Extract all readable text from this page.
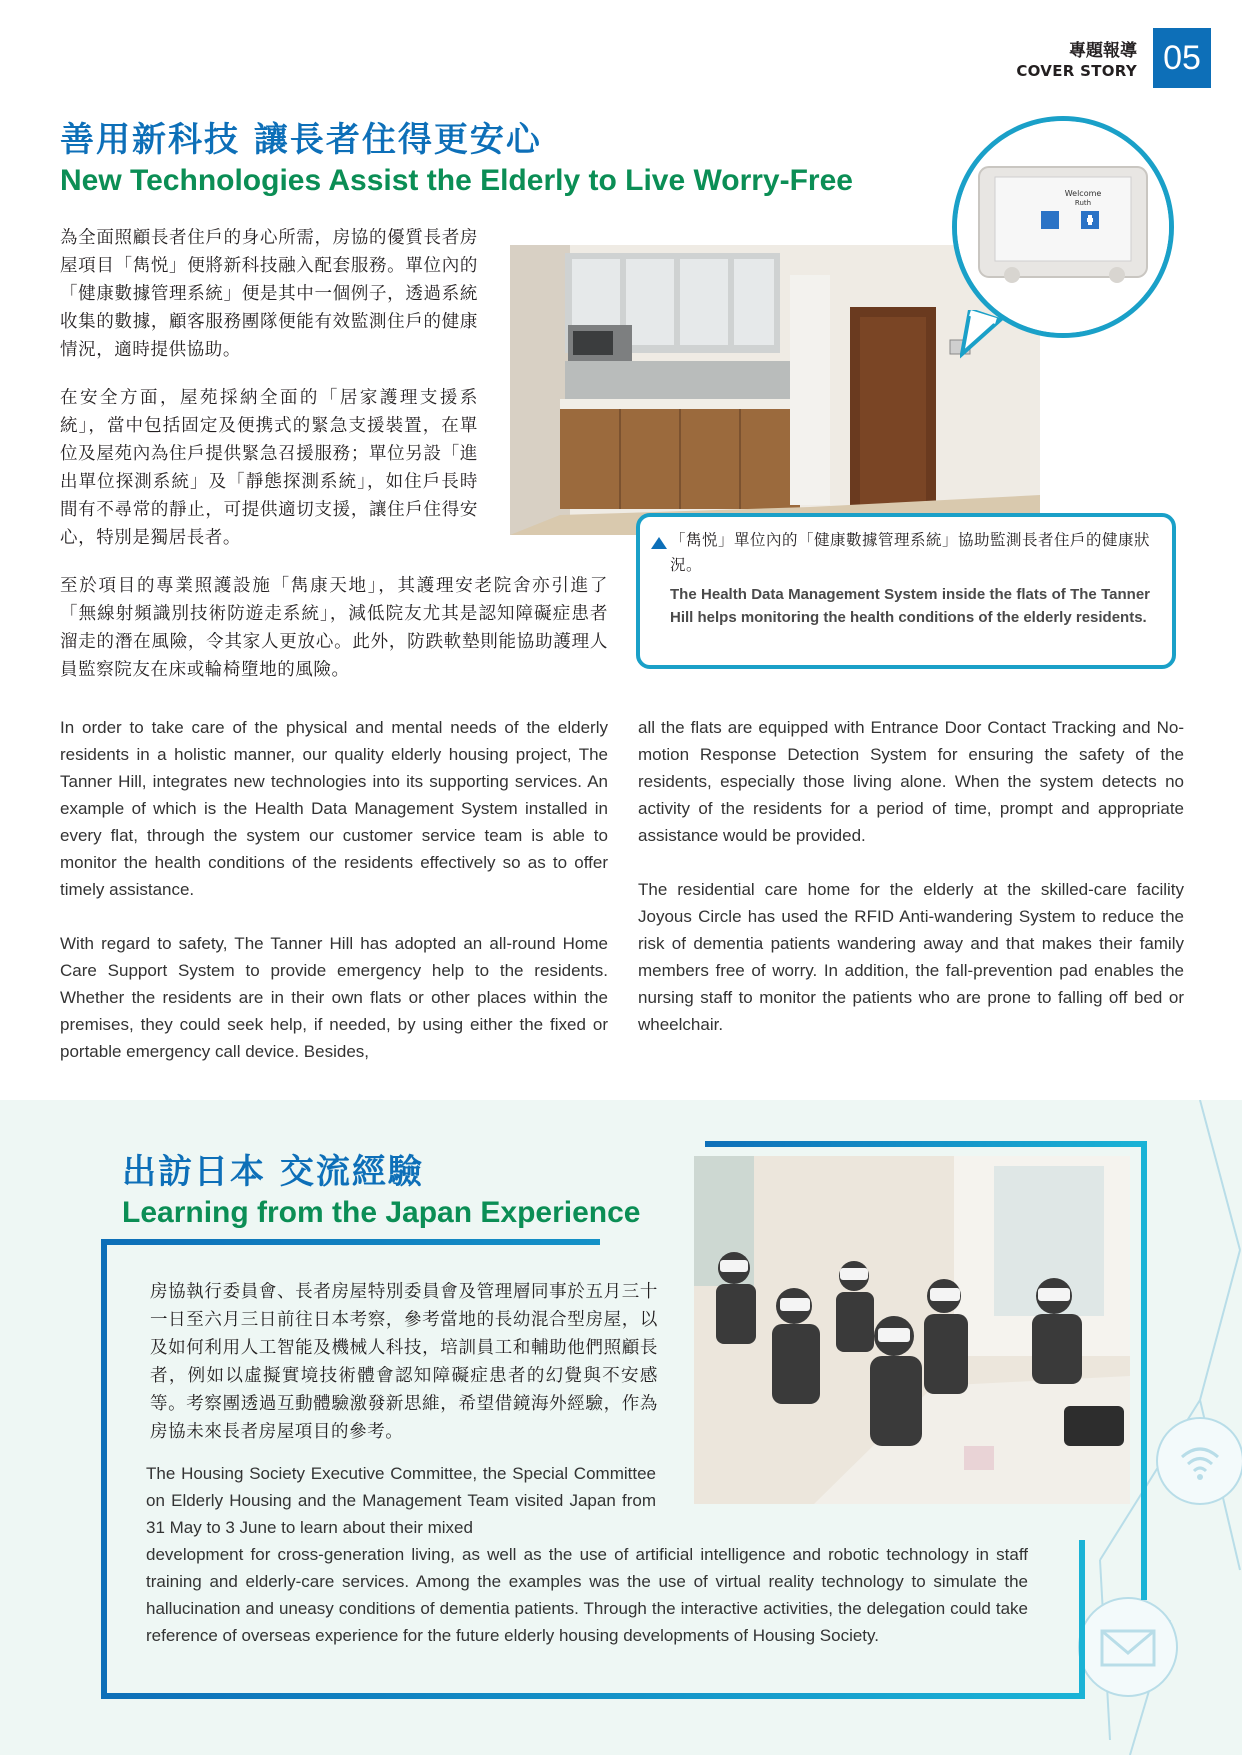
專題報導
COVER STORY 05
善用新科技 讓長者住得更安心
New Technologies Assist the Elderly to Live Worry-Free
為全面照顧長者住戶的身心所需，房協的優質長者房屋項目「雋悦」便將新科技融入配套服務。單位內的「健康數據管理系統」便是其中一個例子，透過系統收集的數據，顧客服務團隊便能有效監測住戶的健康情況，適時提供協助。
在安全方面，屋苑採納全面的「居家護理支援系統」，當中包括固定及便携式的緊急支援裝置，在單位及屋苑內為住戶提供緊急召援服務；單位另設「進出單位探測系統」及「靜態探測系統」，如住戶長時間有不尋常的靜止，可提供適切支援，讓住戶住得安心，特別是獨居長者。
至於項目的專業照護設施「雋康天地」，其護理安老院舍亦引進了「無線射頻識別技術防遊走系統」，減低院友尤其是認知障礙症患者溜走的潛在風險，令其家人更放心。此外，防跌軟墊則能協助護理人員監察院友在床或輪椅墮地的風險。
Welcome
Ruth
「雋悦」單位內的「健康數據管理系統」協助監測長者住戶的健康狀況。
The Health Data Management System inside the flats of The Tanner Hill helps monitoring the health conditions of the elderly residents.
In order to take care of the physical and mental needs of the elderly residents in a holistic manner, our quality elderly housing project, The Tanner Hill, integrates new technologies into its supporting services. An example of which is the Health Data Management System installed in every flat, through the system our customer service team is able to monitor the health conditions of the residents effectively so as to offer timely assistance.
With regard to safety, The Tanner Hill has adopted an all-round Home Care Support System to provide emergency help to the residents. Whether the residents are in their own flats or other places within the premises, they could seek help, if needed, by using either the fixed or portable emergency call device. Besides,
all the flats are equipped with Entrance Door Contact Tracking and No-motion Response Detection System for ensuring the safety of the residents, especially those living alone. When the system detects no activity of the residents for a period of time, prompt and appropriate assistance would be provided.
The residential care home for the elderly at the skilled-care facility Joyous Circle has used the RFID Anti-wandering System to reduce the risk of dementia patients wandering away and that makes their family members free of worry. In addition, the fall-prevention pad enables the nursing staff to monitor the patients who are prone to falling off bed or wheelchair.
出訪日本 交流經驗
Learning from the Japan Experience
房協執行委員會、長者房屋特別委員會及管理層同事於五月三十一日至六月三日前往日本考察，參考當地的長幼混合型房屋，以及如何利用人工智能及機械人科技，培訓員工和輔助他們照顧長者，例如以虛擬實境技術體會認知障礙症患者的幻覺與不安感等。考察團透過互動體驗激發新思維，希望借鏡海外經驗，作為房協未來長者房屋項目的參考。
The Housing Society Executive Committee, the Special Committee on Elderly Housing and the Management Team visited Japan from 31 May to 3 June to learn about their mixed
development for cross-generation living, as well as the use of artificial intelligence and robotic technology in staff training and elderly-care services. Among the examples was the use of virtual reality technology to simulate the hallucination and uneasy conditions of dementia patients. Through the interactive activities, the delegation could take reference of overseas experience for the future elderly housing developments of Housing Society.
